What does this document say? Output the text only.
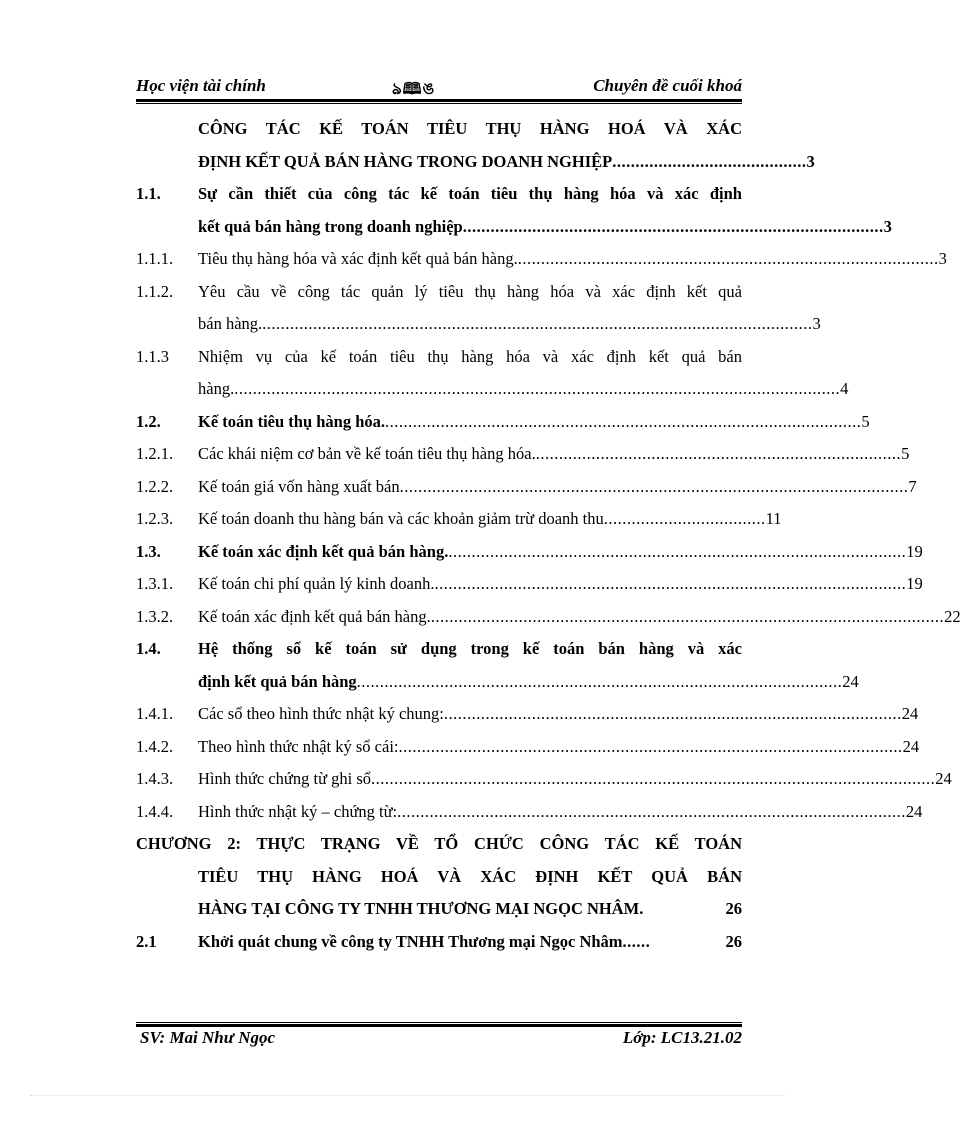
Học viện tài chính	ঌ🕮ঙ	Chuyên đề cuối khoá
CÔNG TÁC KẾ TOÁN TIÊU THỤ HÀNG HOÁ VÀ XÁC
ĐỊNH KẾT QUẢ BÁN HÀNG TRONG DOANH NGHIỆP .......................................... 3
1.1. Sự cần thiết của công tác kế toán tiêu thụ hàng hóa và xác định
kết quả bán hàng trong doanh nghiệp ........................................................................................... 3
1.1.1. Tiêu thụ hàng hóa và xác định kết quả bán hàng. ........................................................................................... 3
1.1.2. Yêu cầu về công tác quản lý tiêu thụ hàng hóa và xác định kết quả
bán hàng. ....................................................................................................................... 3
1.1.3 Nhiệm vụ của kế toán tiêu thụ hàng hóa và xác định kết quả bán
hàng. ................................................................................................................................... 4
1.2. Kế toán tiêu thụ hàng hóa. ....................................................................................................... 5
1.2.1. Các khái niệm cơ bản về kế toán tiêu thụ hàng hóa. ............................................................................... 5
1.2.2. Kế toán giá vốn hàng xuất bán .............................................................................................................. 7
1.2.3. Kế toán doanh thu hàng bán và các khoản giảm trừ doanh thu ................................... 11
1.3. Kế toán xác định kết quả bán hàng. ................................................................................................... 19
1.3.1. Kế toán chi phí quản lý kinh doanh. ...................................................................................................... 19
1.3.2. Kế toán xác định kết quả bán hàng. ............................................................................................................... 22
1.4. Hệ thống sổ kế toán sử dụng trong kế toán bán hàng và xác
định kết quả bán hàng ......................................................................................................... 24
1.4.1. Các sổ theo hình thức nhật ký chung: ................................................................................................... 24
1.4.2. Theo hình thức nhật ký sổ cái: ............................................................................................................. 24
1.4.3. Hình thức chứng từ ghi sổ .......................................................................................................................... 24
1.4.4. Hình thức nhật ký – chứng từ: .............................................................................................................. 24
CHƯƠNG 2: THỰC TRẠNG VỀ TỔ CHỨC CÔNG TÁC KẾ TOÁN
TIÊU THỤ HÀNG HOÁ VÀ XÁC ĐỊNH KẾT QUẢ BÁN
HÀNG TẠI CÔNG TY TNHH THƯƠNG MẠI NGỌC NHÂM .	26
2.1	Khởi quát chung về công ty TNHH Thương mại Ngọc Nhâm ......	26
SV: Mai Như Ngọc	Lớp: LC13.21.02
